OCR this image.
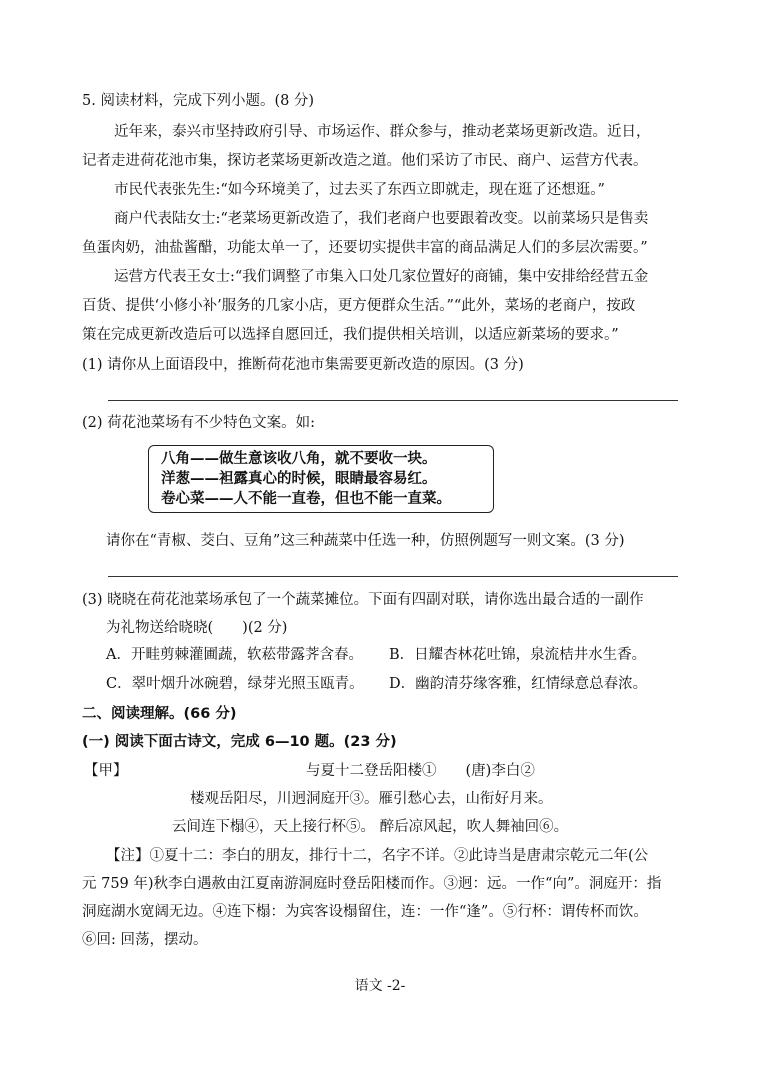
5. 阅读材料，完成下列小题。(8 分)
近年来，泰兴市坚持政府引导、市场运作、群众参与，推动老菜场更新改造。近日，
记者走进荷花池市集，探访老菜场更新改造之道。他们采访了市民、商户、运营方代表。
市民代表张先生:“如今环境美了，过去买了东西立即就走，现在逛了还想逛。”
商户代表陆女士:“老菜场更新改造了，我们老商户也要跟着改变。以前菜场只是售卖
鱼蛋肉奶，油盐酱醋，功能太单一了，还要切实提供丰富的商品满足人们的多层次需要。”
运营方代表王女士:“我们调整了市集入口处几家位置好的商铺，集中安排给经营五金
百货、提供‘小修小补’服务的几家小店，更方便群众生活。”“此外，菜场的老商户，按政
策在完成更新改造后可以选择自愿回迁，我们提供相关培训，以适应新菜场的要求。”
(1) 请你从上面语段中，推断荷花池市集需要更新改造的原因。(3 分)
(2) 荷花池菜场有不少特色文案。如:
八角——做生意该收八角，就不要收一块。
洋葱——袒露真心的时候，眼睛最容易红。
卷心菜——人不能一直卷，但也不能一直菜。
请你在“青椒、茭白、豆角”这三种蔬菜中任选一种，仿照例题写一则文案。(3 分)
(3) 晓晓在荷花池菜场承包了一个蔬菜摊位。下面有四副对联，请你选出最合适的一副作
为礼物送给晓晓(　　)(2 分)
A．开畦剪棘灌圃蔬，软菘带露荠含春。 B．日耀杏林花吐锦，泉流桔井水生香。
C．翠叶烟升冰碗碧，绿芽光照玉瓯青。 D．幽韵清芬缘客雅，红情绿意总春浓。
二、阅读理解。(66 分)
(一) 阅读下面古诗文，完成 6—10 题。(23 分)
【甲】	与夏十二登岳阳楼①　　(唐)李白②
楼观岳阳尽，川迥洞庭开③。雁引愁心去，山衔好月来。
云间连下榻④，天上接行杯⑤。 醉后凉风起，吹人舞袖回⑥。
【注】①夏十二：李白的朋友，排行十二，名字不详。②此诗当是唐肃宗乾元二年(公
元 759 年)秋李白遇赦由江夏南游洞庭时登岳阳楼而作。③迥：远。一作“向”。洞庭开：指
洞庭湖水宽阔无边。④连下榻：为宾客设榻留住，连：一作“逢”。⑤行杯：谓传杯而饮。
⑥回: 回荡，摆动。
语文 -2-
